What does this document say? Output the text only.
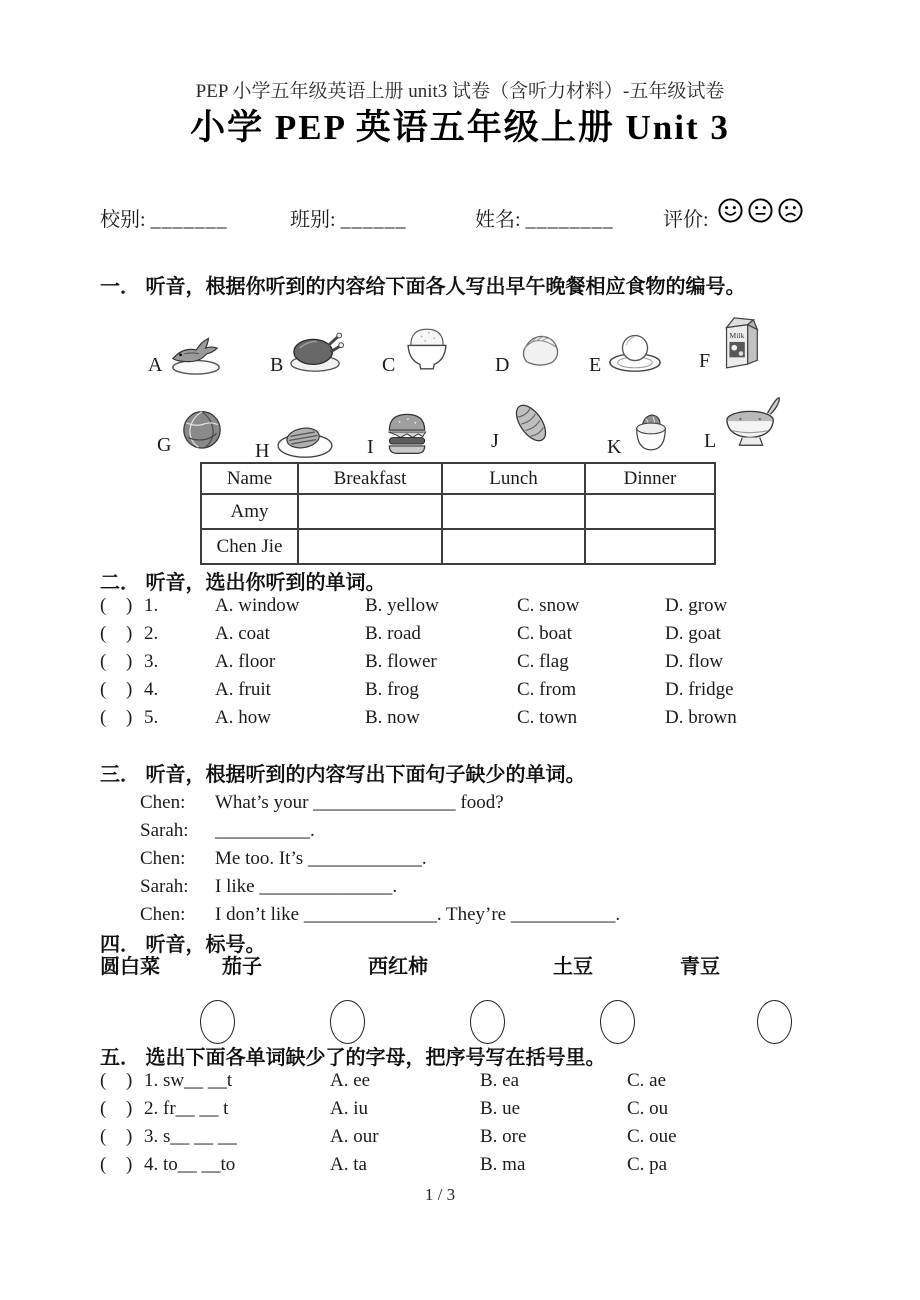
PEP 小学五年级英语上册 unit3 试卷（含听力材料）-五年级试卷
小学 PEP 英语五年级上册 Unit 3
校别: _______	班别: ______	姓名: ________ 评价:
一． 听音，根据你听到的内容给下面各人写出早午晚餐相应食物的编号。
A	B	C	D	E	F
Milk
G	H	I	J	K	L
Name	Breakfast	Lunch	Dinner
Amy			
Chen Jie			
二． 听音，选出你听到的单词。
( ) 1.	A. window	B. yellow	C. snow	D. grow
( ) 2.	A. coat	B. road	C. boat	D. goat
( ) 3.	A. floor	B. flower	C. flag	D. flow
( ) 4.	A. fruit	B. frog	C. from	D. fridge
( ) 5.	A. how	B. now	C. town	D. brown
三． 听音，根据听到的内容写出下面句子缺少的单词。
Chen: What’s your _______________ food?
Sarah: __________.
Chen: Me too. It’s ____________.
Sarah: I like ______________.
Chen: I don’t like ______________. They’re ___________.
四． 听音，标号。
圆白菜	茄子	西红柿	土豆	青豆
五． 选出下面各单词缺少了的字母，把序号写在括号里。
( ) 1. sw__ __t	A. ee	B. ea	C. ae
( ) 2. fr__ __ t	A. iu	B. ue	C. ou
( ) 3. s__ __ __	A. our	B. ore	C. oue
( ) 4. to__ __to	A. ta	B. ma	C. pa
1 / 3
